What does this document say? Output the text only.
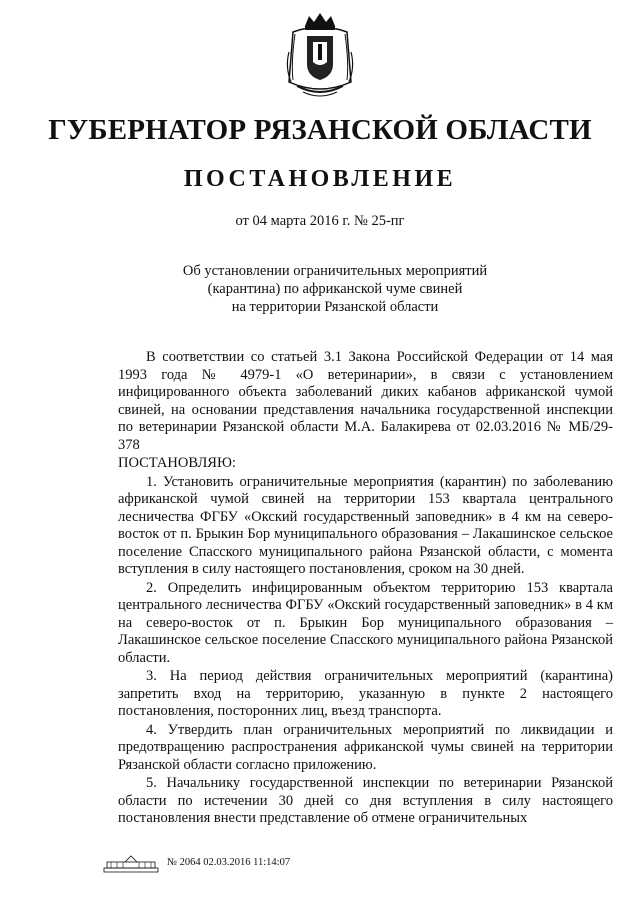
ГУБЕРНАТОР РЯЗАНСКОЙ ОБЛАСТИ
ПОСТАНОВЛЕНИЕ
от 04 марта 2016 г. № 25-пг
Об установлении ограничительных мероприятий
(карантина) по африканской чуме свиней
на территории Рязанской области

В соответствии со статьей 3.1 Закона Российской Федерации от 14 мая 1993 года № 4979-1 «О ветеринарии», в связи с установлением инфицированного объекта заболеваний диких кабанов африканской чумой свиней, на основании представления начальника государственной инспекции по ветеринарии Рязанской области М.А. Балакирева от 02.03.2016 № МБ/29-378

ПОСТАНОВЛЯЮ:

1. Установить ограничительные мероприятия (карантин) по заболеванию африканской чумой свиней на территории 153 квартала центрального лесничества ФГБУ «Окский государственный заповедник» в 4 км на северо-восток от п. Брыкин Бор муниципального образования – Лакашинское сельское поселение Спасского муниципального района Рязанской области, с момента вступления в силу настоящего постановления, сроком на 30 дней.

2. Определить инфицированным объектом территорию 153 квартала центрального лесничества ФГБУ «Окский государственный заповедник» в 4 км на северо-восток от п. Брыкин Бор муниципального образования – Лакашинское сельское поселение Спасского муниципального района Рязанской области.

3. На период действия ограничительных мероприятий (карантина) запретить вход на территорию, указанную в пункте 2 настоящего постановления, посторонних лиц, въезд транспорта.

4. Утвердить план ограничительных мероприятий по ликвидации и предотвращению распространения африканской чумы свиней на территории Рязанской области согласно приложению.

5. Начальнику государственной инспекции по ветеринарии Рязанской области по истечении 30 дней со дня вступления в силу настоящего постановления внести представление об отмене ограничительных

№ 2064 02.03.2016 11:14:07
